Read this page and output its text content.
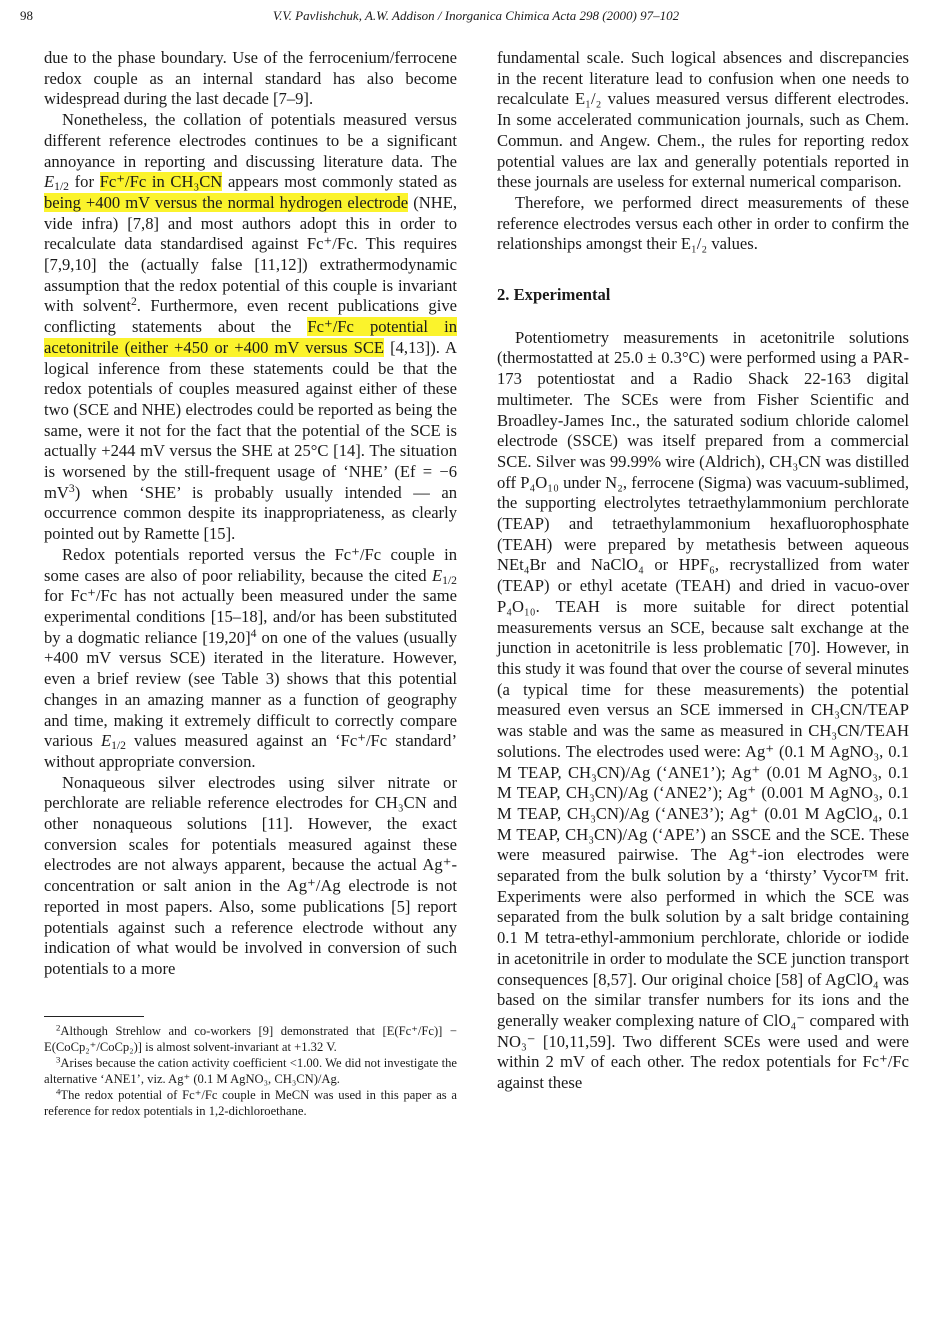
98	V.V. Pavlishchuk, A.W. Addison / Inorganica Chimica Acta 298 (2000) 97–102

due to the phase boundary. Use of the ferrocenium/ferrocene redox couple as an internal standard has also become widespread during the last decade [7–9].

Nonetheless, the collation of potentials measured versus different reference electrodes continues to be a significant annoyance in reporting and discussing literature data. The $E_{1/2}$ for Fc⁺/Fc in CH₃CN appears most commonly stated as being +400 mV versus the normal hydrogen electrode (NHE, vide infra) [7,8] and most authors adopt this in order to recalculate data standardised against Fc⁺/Fc. This requires [7,9,10] the (actually false [11,12]) extrathermodynamic assumption that the redox potential of this couple is invariant with solvent$^2$. Furthermore, even recent publications give conflicting statements about the Fc⁺/Fc potential in acetonitrile (either +450 or +400 mV versus SCE [4,13]). A logical inference from these statements could be that the redox potentials of couples measured against either of these two (SCE and NHE) electrodes could be reported as being the same, were it not for the fact that the potential of the SCE is actually +244 mV versus the SHE at 25°C [14]. The situation is worsened by the still-frequent usage of ‘NHE’ (Ef = −6 $mV^3$) when ‘SHE’ is probably usually intended — an occurrence common despite its inappropriateness, as clearly pointed out by Ramette [15].

Redox potentials reported versus the Fc⁺/Fc couple in some cases are also of poor reliability, because the cited $E_{1/2}$ for Fc⁺/Fc has not actually been measured under the same experimental conditions [15–18], and/or has been substituted by a dogmatic reliance $[19,20]^4$ on one of the values (usually +400 mV versus SCE) iterated in the literature. However, even a brief review (see Table 3) shows that this potential changes in an amazing manner as a function of geography and time, making it extremely difficult to correctly compare various $E_{1/2}$ values measured against an ‘Fc⁺/Fc standard’ without appropriate conversion.

Nonaqueous silver electrodes using silver nitrate or perchlorate are reliable reference electrodes for CH₃CN and other nonaqueous solutions [11]. However, the exact conversion scales for potentials measured against these electrodes are not always apparent, because the actual Ag⁺-concentration or salt anion in the Ag⁺/Ag electrode is not reported in most papers. Also, some publications [5] report potentials against such a reference electrode without any indication of what would be involved in conversion of such potentials to a more

$^2$Although Strehlow and co-workers [9] demonstrated that [E(Fc⁺/Fc)] − E(CoCp₂⁺/CoCp₂)] is almost solvent-invariant at +1.32 V.

$^3$Arises because the cation activity coefficient <1.00. We did not investigate the alternative ‘ANE1’, viz. Ag⁺ (0.1 M AgNO₃, CH₃CN)/Ag.

$^4$The redox potential of Fc⁺/Fc couple in MeCN was used in this paper as a reference for redox potentials in 1,2-dichloroethane.

fundamental scale. Such logical absences and discrepancies in the recent literature lead to confusion when one needs to recalculate E₁/₂ values measured versus different electrodes. In some accelerated communication journals, such as Chem. Commun. and Angew. Chem., the rules for reporting redox potential values are lax and generally potentials reported in these journals are useless for external numerical comparison.

Therefore, we performed direct measurements of these reference electrodes versus each other in order to confirm the relationships amongst their E₁/₂ values.

2. Experimental

Potentiometry measurements in acetonitrile solutions (thermostatted at 25.0 ± 0.3°C) were performed using a PAR-173 potentiostat and a Radio Shack 22-163 digital multimeter. The SCEs were from Fisher Scientific and Broadley-James Inc., the saturated sodium chloride calomel electrode (SSCE) was itself prepared from a commercial SCE. Silver was 99.99% wire (Aldrich), CH₃CN was distilled off P₄O₁₀ under N₂, ferrocene (Sigma) was vacuum-sublimed, the supporting electrolytes tetraethylammonium perchlorate (TEAP) and tetraethylammonium hexafluorophosphate (TEAH) were prepared by metathesis between aqueous NEt₄Br and NaClO₄ or HPF₆, recrystallized from water (TEAP) or ethyl acetate (TEAH) and dried in vacuo-over P₄O₁₀. TEAH is more suitable for direct potential measurements versus an SCE, because salt exchange at the junction in acetonitrile is less problematic [70]. However, in this study it was found that over the course of several minutes (a typical time for these measurements) the potential measured even versus an SCE immersed in CH₃CN/TEAP was stable and was the same as measured in CH₃CN/TEAH solutions. The electrodes used were: Ag⁺ (0.1 M AgNO₃, 0.1 M TEAP, CH₃CN)/Ag (‘ANE1’); Ag⁺ (0.01 M AgNO₃, 0.1 M TEAP, CH₃CN)/Ag (‘ANE2’); Ag⁺ (0.001 M AgNO₃, 0.1 M TEAP, CH₃CN)/Ag (‘ANE3’); Ag⁺ (0.01 M AgClO₄, 0.1 M TEAP, CH₃CN)/Ag (‘APE’) an SSCE and the SCE. These were measured pairwise. The Ag⁺-ion electrodes were separated from the bulk solution by a ‘thirsty’ Vycor™ frit. Experiments were also performed in which the SCE was separated from the bulk solution by a salt bridge containing 0.1 M tetra-ethyl-ammonium perchlorate, chloride or iodide in acetonitrile in order to modulate the SCE junction transport consequences [8,57]. Our original choice [58] of AgClO₄ was based on the similar transfer numbers for its ions and the generally weaker complexing nature of ClO₄⁻ compared with NO₃⁻ [10,11,59]. Two different SCEs were used and were within 2 mV of each other. The redox potentials for Fc⁺/Fc against these
